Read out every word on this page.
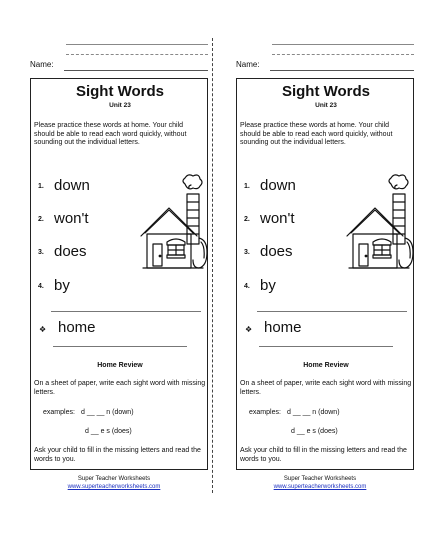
Name:
Sight Words
Unit 23
Please practice these words at home. Your child should be able to read each word quickly, without sounding out the individual letters.
1. down
2. won't
3. does
4. by
❖ home
Home Review
On a sheet of paper, write each sight word with missing letters.
examples: d __ __ n (down)
d __ e s (does)
Ask your child to fill in the missing letters and read the words to you.
Super Teacher Worksheets
www.superteacherworksheets.com
Name:
Sight Words
Unit 23
Please practice these words at home. Your child should be able to read each word quickly, without sounding out the individual letters.
1. down
2. won't
3. does
4. by
❖ home
Home Review
On a sheet of paper, write each sight word with missing letters.
examples: d __ __ n (down)
d __ e s (does)
Ask your child to fill in the missing letters and read the words to you.
Super Teacher Worksheets
www.superteacherworksheets.com
